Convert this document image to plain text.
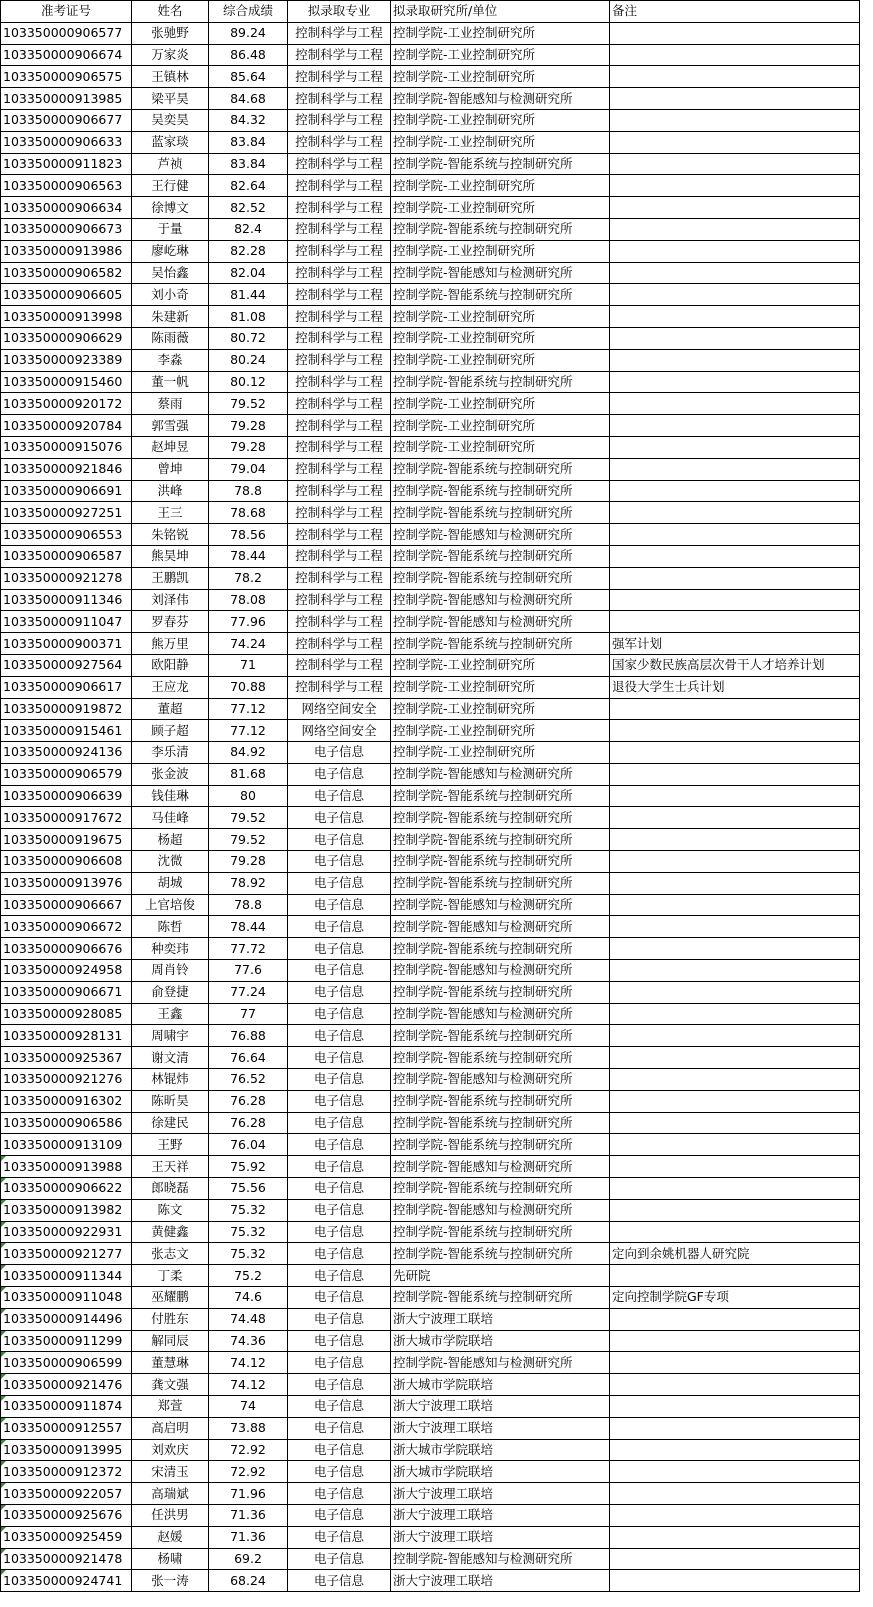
准考证号	姓名	综合成绩	拟录取专业	拟录取研究所/单位	备注
103350000906577	张驰野	89.24	控制科学与工程	控制学院-工业控制研究所	
103350000906674	万家炎	86.48	控制科学与工程	控制学院-工业控制研究所	
103350000906575	王镇林	85.64	控制科学与工程	控制学院-工业控制研究所	
103350000913985	梁平昊	84.68	控制科学与工程	控制学院-智能感知与检测研究所	
103350000906677	吴奕昊	84.32	控制科学与工程	控制学院-工业控制研究所	
103350000906633	蓝家琰	83.84	控制科学与工程	控制学院-工业控制研究所	
103350000911823	芦祯	83.84	控制科学与工程	控制学院-智能系统与控制研究所	
103350000906563	王行健	82.64	控制科学与工程	控制学院-工业控制研究所	
103350000906634	徐博文	82.52	控制科学与工程	控制学院-工业控制研究所	
103350000906673	于量	82.4	控制科学与工程	控制学院-智能系统与控制研究所	
103350000913986	廖屹琳	82.28	控制科学与工程	控制学院-工业控制研究所	
103350000906582	吴怡鑫	82.04	控制科学与工程	控制学院-智能感知与检测研究所	
103350000906605	刘小奇	81.44	控制科学与工程	控制学院-智能系统与控制研究所	
103350000913998	朱建新	81.08	控制科学与工程	控制学院-工业控制研究所	
103350000906629	陈雨薇	80.72	控制科学与工程	控制学院-工业控制研究所	
103350000923389	李淼	80.24	控制科学与工程	控制学院-工业控制研究所	
103350000915460	董一帆	80.12	控制科学与工程	控制学院-智能系统与控制研究所	
103350000920172	蔡雨	79.52	控制科学与工程	控制学院-工业控制研究所	
103350000920784	郭雪强	79.28	控制科学与工程	控制学院-工业控制研究所	
103350000915076	赵坤昱	79.28	控制科学与工程	控制学院-工业控制研究所	
103350000921846	曾坤	79.04	控制科学与工程	控制学院-智能系统与控制研究所	
103350000906691	洪峰	78.8	控制科学与工程	控制学院-智能系统与控制研究所	
103350000927251	王三	78.68	控制科学与工程	控制学院-智能系统与控制研究所	
103350000906553	朱铭锐	78.56	控制科学与工程	控制学院-智能感知与检测研究所	
103350000906587	熊昊坤	78.44	控制科学与工程	控制学院-智能系统与控制研究所	
103350000921278	王鹏凯	78.2	控制科学与工程	控制学院-智能系统与控制研究所	
103350000911346	刘泽伟	78.08	控制科学与工程	控制学院-智能感知与检测研究所	
103350000911047	罗春芬	77.96	控制科学与工程	控制学院-智能感知与检测研究所	
103350000900371	熊万里	74.24	控制科学与工程	控制学院-智能系统与控制研究所	强军计划
103350000927564	欧阳静	71	控制科学与工程	控制学院-工业控制研究所	国家少数民族高层次骨干人才培养计划
103350000906617	王应龙	70.88	控制科学与工程	控制学院-工业控制研究所	退役大学生士兵计划
103350000919872	董超	77.12	网络空间安全	控制学院-工业控制研究所	
103350000915461	顾子超	77.12	网络空间安全	控制学院-工业控制研究所	
103350000924136	李乐清	84.92	电子信息	控制学院-工业控制研究所	
103350000906579	张金波	81.68	电子信息	控制学院-智能感知与检测研究所	
103350000906639	钱佳琳	80	电子信息	控制学院-智能系统与控制研究所	
103350000917672	马佳峰	79.52	电子信息	控制学院-智能系统与控制研究所	
103350000919675	杨超	79.52	电子信息	控制学院-智能系统与控制研究所	
103350000906608	沈微	79.28	电子信息	控制学院-智能系统与控制研究所	
103350000913976	胡城	78.92	电子信息	控制学院-智能系统与控制研究所	
103350000906667	上官培俊	78.8	电子信息	控制学院-智能感知与检测研究所	
103350000906672	陈哲	78.44	电子信息	控制学院-智能感知与检测研究所	
103350000906676	种奕玮	77.72	电子信息	控制学院-智能系统与控制研究所	
103350000924958	周肖铃	77.6	电子信息	控制学院-智能感知与检测研究所	
103350000906671	俞登捷	77.24	电子信息	控制学院-智能系统与控制研究所	
103350000928085	王鑫	77	电子信息	控制学院-智能感知与检测研究所	
103350000928131	周啸宇	76.88	电子信息	控制学院-智能系统与控制研究所	
103350000925367	谢文清	76.64	电子信息	控制学院-智能系统与控制研究所	
103350000921276	林锟炜	76.52	电子信息	控制学院-智能感知与检测研究所	
103350000916302	陈昕昊	76.28	电子信息	控制学院-智能系统与控制研究所	
103350000906586	徐建民	76.28	电子信息	控制学院-智能系统与控制研究所	
103350000913109	王野	76.04	电子信息	控制学院-智能系统与控制研究所	
103350000913988	王天祥	75.92	电子信息	控制学院-智能感知与检测研究所	
103350000906622	郎晓磊	75.56	电子信息	控制学院-智能系统与控制研究所	
103350000913982	陈文	75.32	电子信息	控制学院-智能感知与检测研究所	
103350000922931	黄健鑫	75.32	电子信息	控制学院-智能系统与控制研究所	
103350000921277	张志文	75.32	电子信息	控制学院-智能系统与控制研究所	定向到余姚机器人研究院
103350000911344	丁柔	75.2	电子信息	先研院	
103350000911048	巫耀鹏	74.6	电子信息	控制学院-智能系统与控制研究所	定向控制学院GF专项
103350000914496	付胜东	74.48	电子信息	浙大宁波理工联培	
103350000911299	解同辰	74.36	电子信息	浙大城市学院联培	
103350000906599	董慧琳	74.12	电子信息	控制学院-智能感知与检测研究所	
103350000921476	龚文强	74.12	电子信息	浙大城市学院联培	
103350000911874	郑萱	74	电子信息	浙大宁波理工联培	
103350000912557	高启明	73.88	电子信息	浙大宁波理工联培	
103350000913995	刘欢庆	72.92	电子信息	浙大城市学院联培	
103350000912372	宋清玉	72.92	电子信息	浙大城市学院联培	
103350000922057	高瑞斌	71.96	电子信息	浙大宁波理工联培	
103350000925676	任洪男	71.36	电子信息	浙大宁波理工联培	
103350000925459	赵媛	71.36	电子信息	浙大宁波理工联培	
103350000921478	杨啸	69.2	电子信息	控制学院-智能感知与检测研究所	
103350000924741	张一涛	68.24	电子信息	浙大宁波理工联培	
